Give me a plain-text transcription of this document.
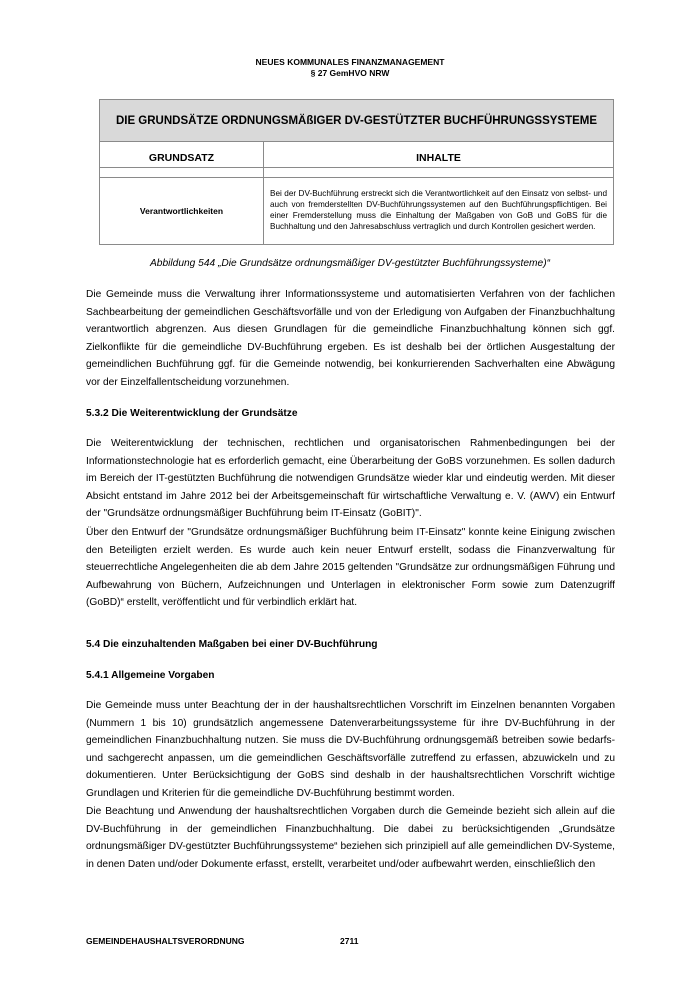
NEUES KOMMUNALES FINANZMANAGEMENT
§ 27 GemHVO NRW
DIE GRUNDSÄTZE ORDNUNGSMÄßIGER DV-GESTÜTZTER BUCHFÜHRUNGSSYSTEME	
GRUNDSATZ	INHALTE

Verantwortlichkeiten	Bei der DV-Buchführung erstreckt sich die Verantwortlichkeit auf den Einsatz von selbst- und auch von fremderstellten DV-Buchführungssystemen auf den Buchführungspflichtigen. Bei einer Fremderstellung muss die Einhaltung der Maßgaben von GoB und GoBS für die Buchhaltung und den Jahresabschluss vertraglich und durch Kontrollen gesichert werden.
Abbildung 544 „Die Grundsätze ordnungsmäßiger DV-gestützter Buchführungssysteme)“

Die Gemeinde muss die Verwaltung ihrer Informationssysteme und automatisierten Verfahren von der fachlichen Sachbearbeitung der gemeindlichen Geschäftsvorfälle und von der Erledigung von Aufgaben der Finanzbuchhaltung verantwortlich abgrenzen. Aus diesen Grundlagen für die gemeindliche Finanzbuchhaltung können sich ggf. Zielkonflikte für die gemeindliche DV-Buchführung ergeben. Es ist deshalb bei der örtlichen Ausgestaltung der gemeindlichen Buchführung ggf. für die Gemeinde notwendig, bei konkurrierenden Sachverhalten eine Abwägung vor der Einzelfallentscheidung vorzunehmen.

5.3.2 Die Weiterentwicklung der Grundsätze

Die Weiterentwicklung der technischen, rechtlichen und organisatorischen Rahmenbedingungen bei der Informationstechnologie hat es erforderlich gemacht, eine Überarbeitung der GoBS vorzunehmen. Es sollen dadurch im Bereich der IT-gestützten Buchführung die notwendigen Grundsätze wieder klar und eindeutig werden. Mit dieser Absicht entstand im Jahre 2012 bei der Arbeitsgemeinschaft für wirtschaftliche Verwaltung e. V. (AWV) ein Entwurf der "Grundsätze ordnungsmäßiger Buchführung beim IT-Einsatz (GoBIT)".

Über den Entwurf der "Grundsätze ordnungsmäßiger Buchführung beim IT-Einsatz" konnte keine Einigung zwischen den Beteiligten erzielt werden. Es wurde auch kein neuer Entwurf erstellt, sodass die Finanzverwaltung für steuerrechtliche Angelegenheiten die ab dem Jahre 2015 geltenden "Grundsätze zur ordnungsmäßigen Führung und Aufbewahrung von Büchern, Aufzeichnungen und Unterlagen in elektronischer Form sowie zum Datenzugriff (GoBD)“ erstellt, veröffentlicht und für verbindlich erklärt hat.

5.4 Die einzuhaltenden Maßgaben bei einer DV-Buchführung

5.4.1 Allgemeine Vorgaben

Die Gemeinde muss unter Beachtung der in der haushaltsrechtlichen Vorschrift im Einzelnen benannten Vorgaben (Nummern 1 bis 10) grundsätzlich angemessene Datenverarbeitungssysteme für ihre DV-Buchführung in der gemeindlichen Finanzbuchhaltung nutzen. Sie muss die DV-Buchführung ordnungsgemäß betreiben sowie bedarfs- und sachgerecht anpassen, um die gemeindlichen Geschäftsvorfälle zutreffend zu erfassen, abzuwickeln und zu dokumentieren. Unter Berücksichtigung der GoBS sind deshalb in der haushaltsrechtlichen Vorschrift wichtige Grundlagen und Kriterien für die gemeindliche DV-Buchführung bestimmt worden.

Die Beachtung und Anwendung der haushaltsrechtlichen Vorgaben durch die Gemeinde bezieht sich allein auf die DV-Buchführung in der gemeindlichen Finanzbuchhaltung. Die dabei zu berücksichtigenden „Grundsätze ordnungsmäßiger DV-gestützter Buchführungssysteme“ beziehen sich prinzipiell auf alle gemeindlichen DV-Systeme, in denen Daten und/oder Dokumente erfasst, erstellt, verarbeitet und/oder aufbewahrt werden, einschließlich den

GEMEINDEHAUSHALTSVERORDNUNG	2711
